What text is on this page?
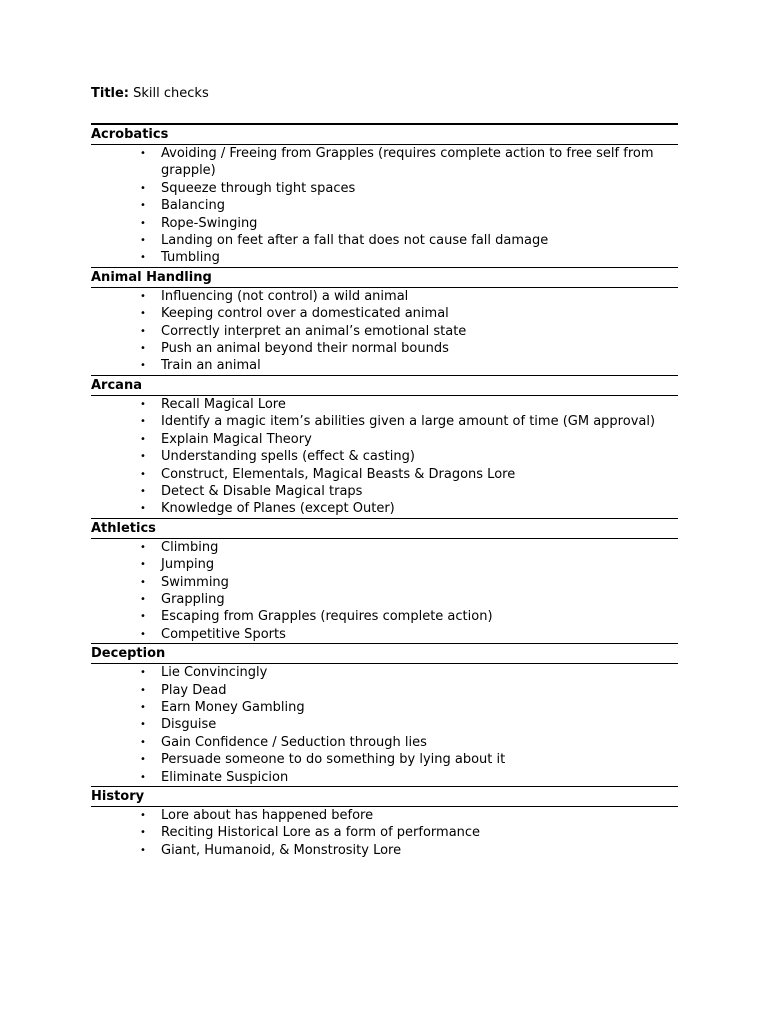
Title: Skill checks
Acrobatics
• Avoiding / Freeing from Grapples (requires complete action to free self from grapple)
• Squeeze through tight spaces
• Balancing
• Rope-Swinging
• Landing on feet after a fall that does not cause fall damage
• Tumbling
Animal Handling
• Influencing (not control) a wild animal
• Keeping control over a domesticated animal
• Correctly interpret an animal’s emotional state
• Push an animal beyond their normal bounds
• Train an animal
Arcana
• Recall Magical Lore
• Identify a magic item’s abilities given a large amount of time (GM approval)
• Explain Magical Theory
• Understanding spells (effect & casting)
• Construct, Elementals, Magical Beasts & Dragons Lore
• Detect & Disable Magical traps
• Knowledge of Planes (except Outer)
Athletics
• Climbing
• Jumping
• Swimming
• Grappling
• Escaping from Grapples (requires complete action)
• Competitive Sports
Deception
• Lie Convincingly
• Play Dead
• Earn Money Gambling
• Disguise
• Gain Confidence / Seduction through lies
• Persuade someone to do something by lying about it
• Eliminate Suspicion
History
• Lore about has happened before
• Reciting Historical Lore as a form of performance
• Giant, Humanoid, & Monstrosity Lore
